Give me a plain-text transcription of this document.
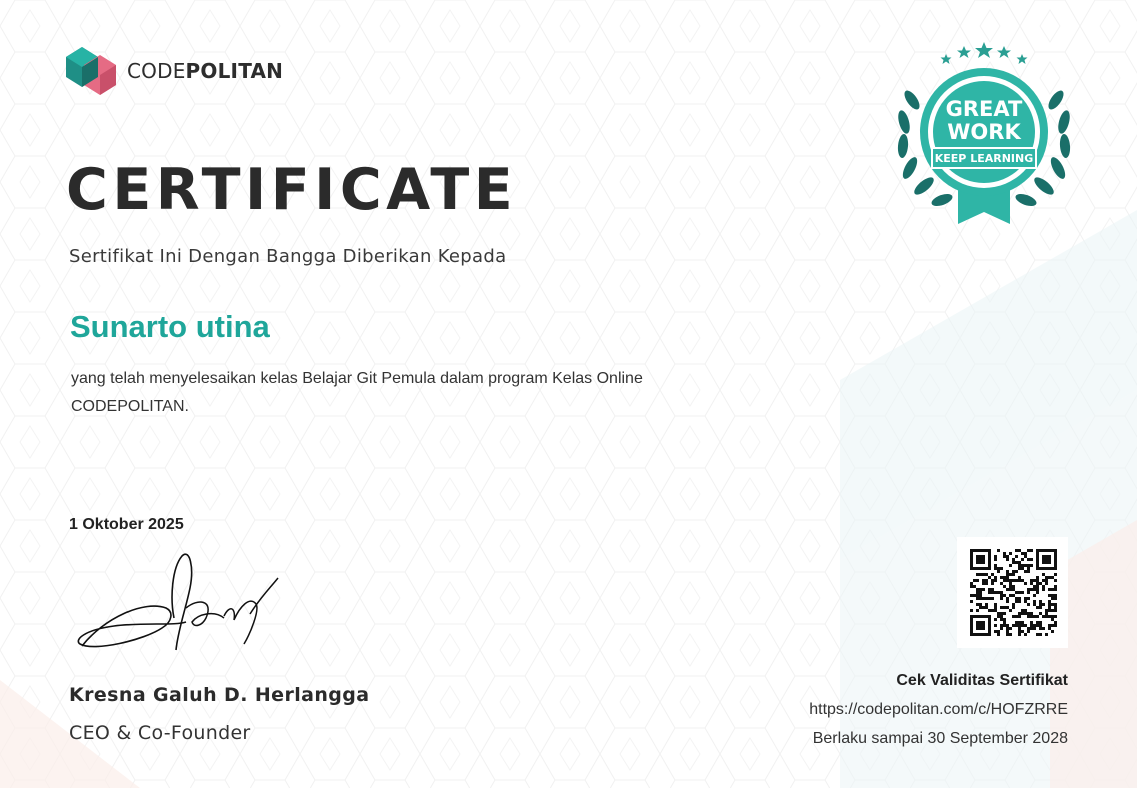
CODEPOLITAN
CERTIFICATE
Sertifikat Ini Dengan Bangga Diberikan Kepada
Sunarto utina
yang telah menyelesaikan kelas Belajar Git Pemula dalam program Kelas Online CODEPOLITAN.
1 Oktober 2025
Kresna Galuh D. Herlangga
CEO & Co-Founder
GREAT
WORK
KEEP LEARNING
Cek Validitas Sertifikat
https://codepolitan.com/c/HOFZRRE
Berlaku sampai 30 September 2028
